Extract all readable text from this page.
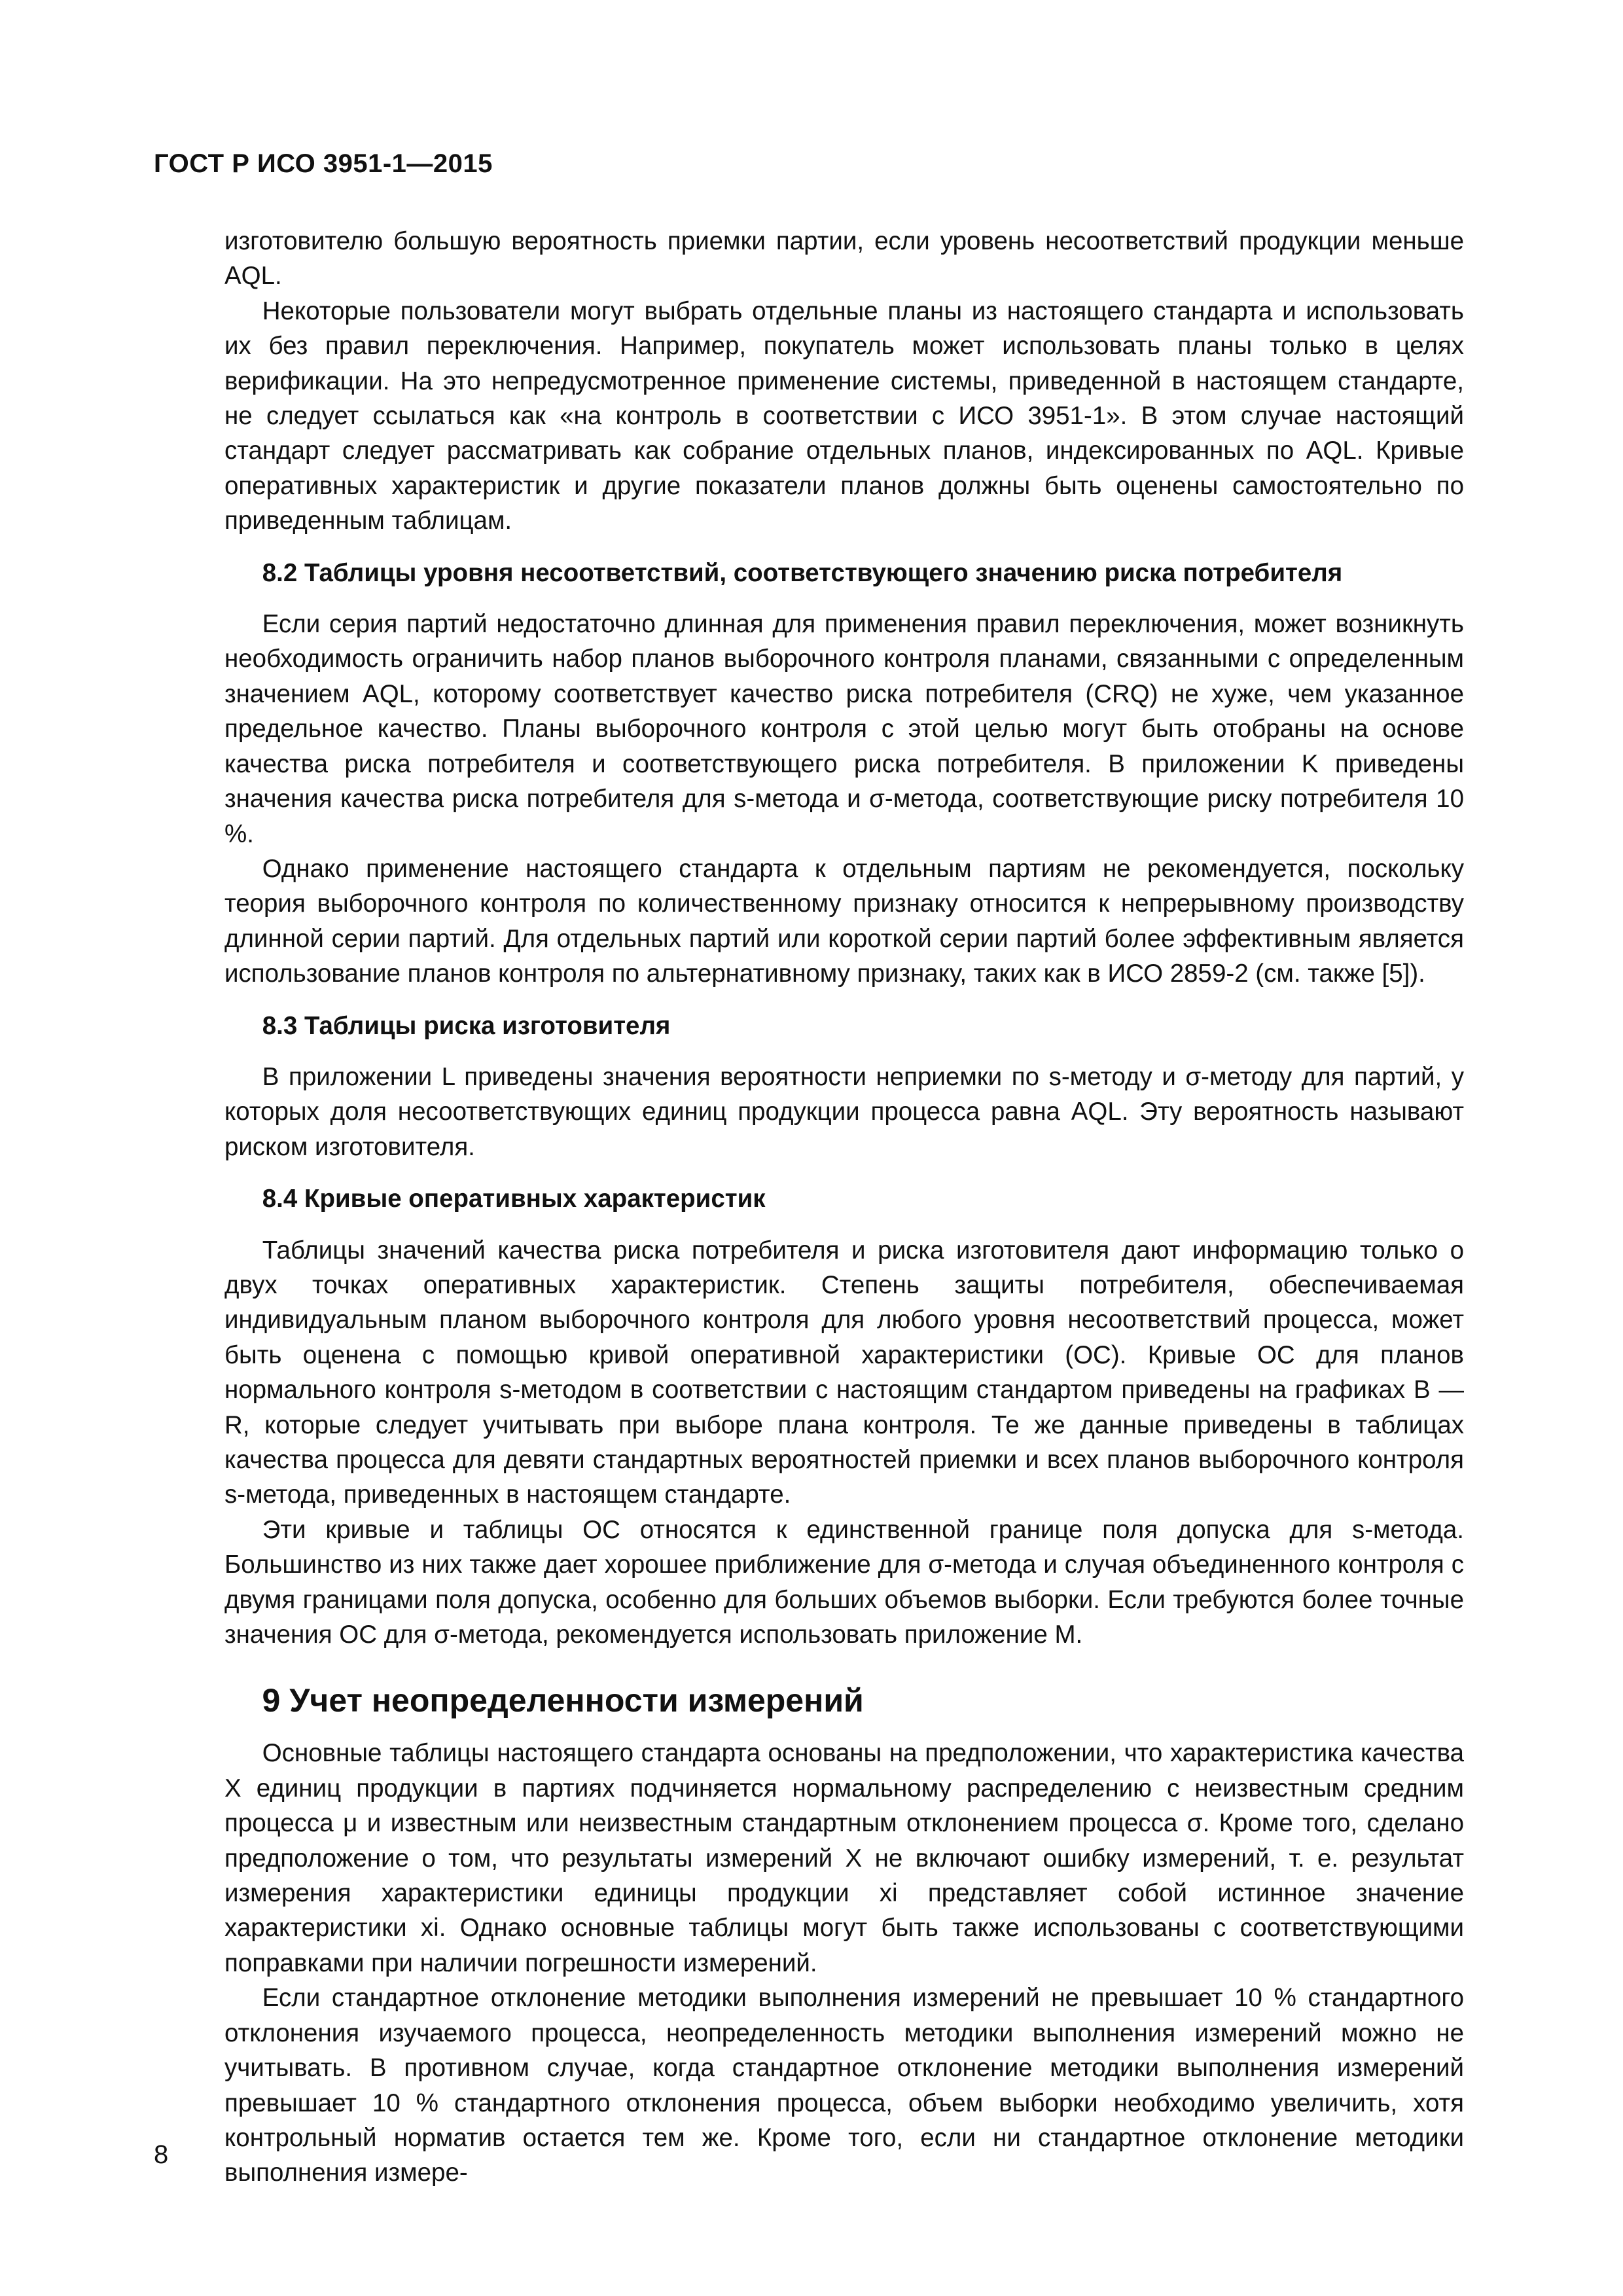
ГОСТ Р ИСО 3951-1—2015

изготовителю большую вероятность приемки партии, если уровень несоответствий продукции меньше AQL.

Некоторые пользователи могут выбрать отдельные планы из настоящего стандарта и использовать их без правил переключения. Например, покупатель может использовать планы только в целях верификации. На это непредусмотренное применение системы, приведенной в настоящем стандарте, не следует ссылаться как «на контроль в соответствии с ИСО 3951-1». В этом случае настоящий стандарт следует рассматривать как собрание отдельных планов, индексированных по AQL. Кривые оперативных характеристик и другие показатели планов должны быть оценены самостоятельно по приведенным таблицам.

8.2 Таблицы уровня несоответствий, соответствующего значению риска потребителя

Если серия партий недостаточно длинная для применения правил переключения, может возникнуть необходимость ограничить набор планов выборочного контроля планами, связанными с определенным значением AQL, которому соответствует качество риска потребителя (CRQ) не хуже, чем указанное предельное качество. Планы выборочного контроля с этой целью могут быть отобраны на основе качества риска потребителя и соответствующего риска потребителя. В приложении K приведены значения качества риска потребителя для s-метода и σ-метода, соответствующие риску потребителя 10 %.

Однако применение настоящего стандарта к отдельным партиям не рекомендуется, поскольку теория выборочного контроля по количественному признаку относится к непрерывному производству длинной серии партий. Для отдельных партий или короткой серии партий более эффективным является использование планов контроля по альтернативному признаку, таких как в ИСО 2859-2 (см. также [5]).

8.3 Таблицы риска изготовителя

В приложении L приведены значения вероятности неприемки по s-методу и σ-методу для партий, у которых доля несоответствующих единиц продукции процесса равна AQL. Эту вероятность называют риском изготовителя.

8.4 Кривые оперативных характеристик

Таблицы значений качества риска потребителя и риска изготовителя дают информацию только о двух точках оперативных характеристик. Степень защиты потребителя, обеспечиваемая индивидуальным планом выборочного контроля для любого уровня несоответствий процесса, может быть оценена с помощью кривой оперативной характеристики (ОС). Кривые ОС для планов нормального контроля s-методом в соответствии с настоящим стандартом приведены на графиках В — R, которые следует учитывать при выборе плана контроля. Те же данные приведены в таблицах качества процесса для девяти стандартных вероятностей приемки и всех планов выборочного контроля s-метода, приведенных в настоящем стандарте.

Эти кривые и таблицы ОС относятся к единственной границе поля допуска для s-метода. Большинство из них также дает хорошее приближение для σ-метода и случая объединенного контроля с двумя границами поля допуска, особенно для больших объемов выборки. Если требуются более точные значения ОС для σ-метода, рекомендуется использовать приложение М.

9 Учет неопределенности измерений

Основные таблицы настоящего стандарта основаны на предположении, что характеристика качества X единиц продукции в партиях подчиняется нормальному распределению с неизвестным средним процесса μ и известным или неизвестным стандартным отклонением процесса σ. Кроме того, сделано предположение о том, что результаты измерений X не включают ошибку измерений, т. е. результат измерения характеристики единицы продукции xi представляет собой истинное значение характеристики xi. Однако основные таблицы могут быть также использованы с соответствующими поправками при наличии погрешности измерений.

Если стандартное отклонение методики выполнения измерений не превышает 10 % стандартного отклонения изучаемого процесса, неопределенность методики выполнения измерений можно не учитывать. В противном случае, когда стандартное отклонение методики выполнения измерений превышает 10 % стандартного отклонения процесса, объем выборки необходимо увеличить, хотя контрольный норматив остается тем же. Кроме того, если ни стандартное отклонение методики выполнения измере-

8
